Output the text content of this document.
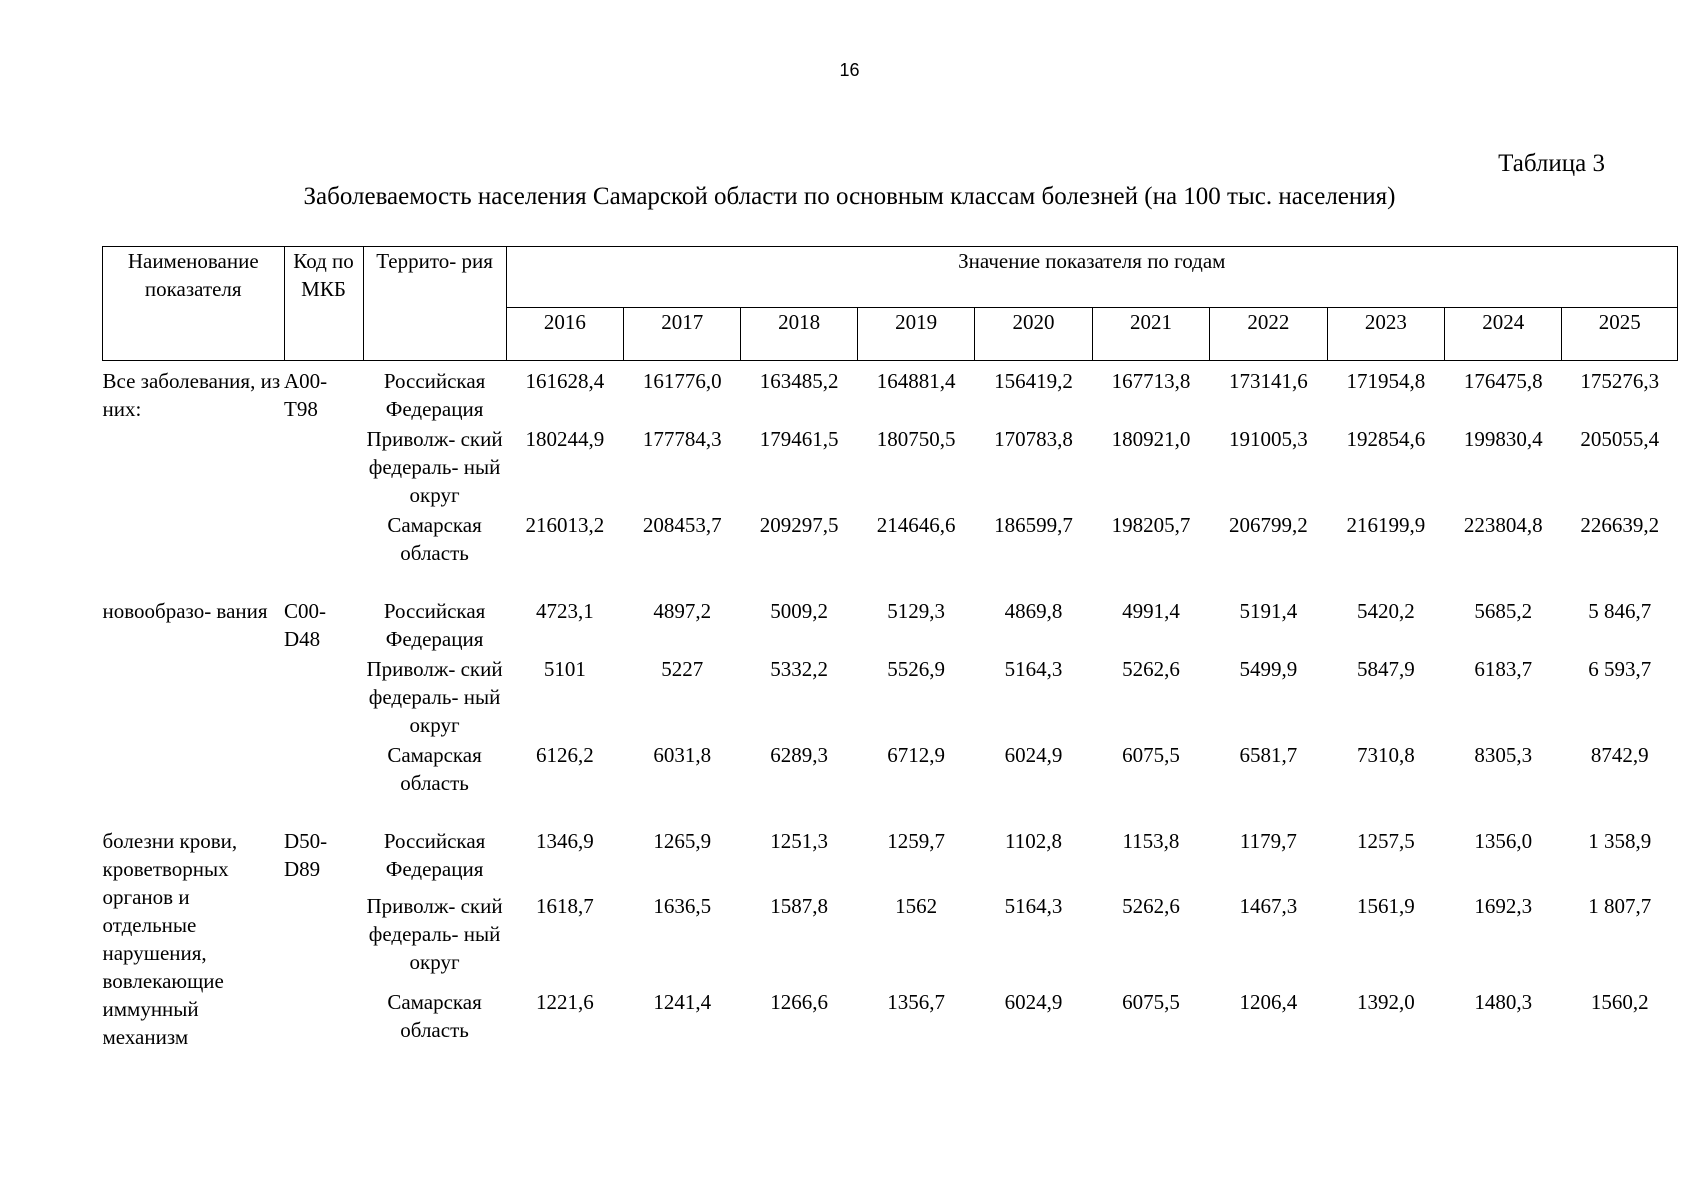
16
Таблица 3
Заболеваемость населения Самарской области по основным классам болезней (на 100 тыс. населения)
Наименование показателя	Код по МКБ	Террито- рия	Значение показателя по годам									
			2016	2017	2018	2019	2020	2021	2022	2023	2024	2025
Все заболевания, из них:	A00- T98	Российская Федерация	161628,4	161776,0	163485,2	164881,4	156419,2	167713,8	173141,6	171954,8	176475,8	175276,3
		Приволж- ский федераль- ный округ	180244,9	177784,3	179461,5	180750,5	170783,8	180921,0	191005,3	192854,6	199830,4	205055,4
		Самарская область	216013,2	208453,7	209297,5	214646,6	186599,7	198205,7	206799,2	216199,9	223804,8	226639,2
новообразо- вания	C00- D48	Российская Федерация	4723,1	4897,2	5009,2	5129,3	4869,8	4991,4	5191,4	5420,2	5685,2	5 846,7
		Приволж- ский федераль- ный округ	5101	5227	5332,2	5526,9	5164,3	5262,6	5499,9	5847,9	6183,7	6 593,7
		Самарская область	6126,2	6031,8	6289,3	6712,9	6024,9	6075,5	6581,7	7310,8	8305,3	8742,9
болезни крови, кроветворных органов и отдельные нарушения, вовлекающие иммунный механизм	D50- D89	Российская Федерация	1346,9	1265,9	1251,3	1259,7	1102,8	1153,8	1179,7	1257,5	1356,0	1 358,9
		Приволж- ский федераль- ный округ	1618,7	1636,5	1587,8	1562	5164,3	5262,6	1467,3	1561,9	1692,3	1 807,7
		Самарская область	1221,6	1241,4	1266,6	1356,7	6024,9	6075,5	1206,4	1392,0	1480,3	1560,2
